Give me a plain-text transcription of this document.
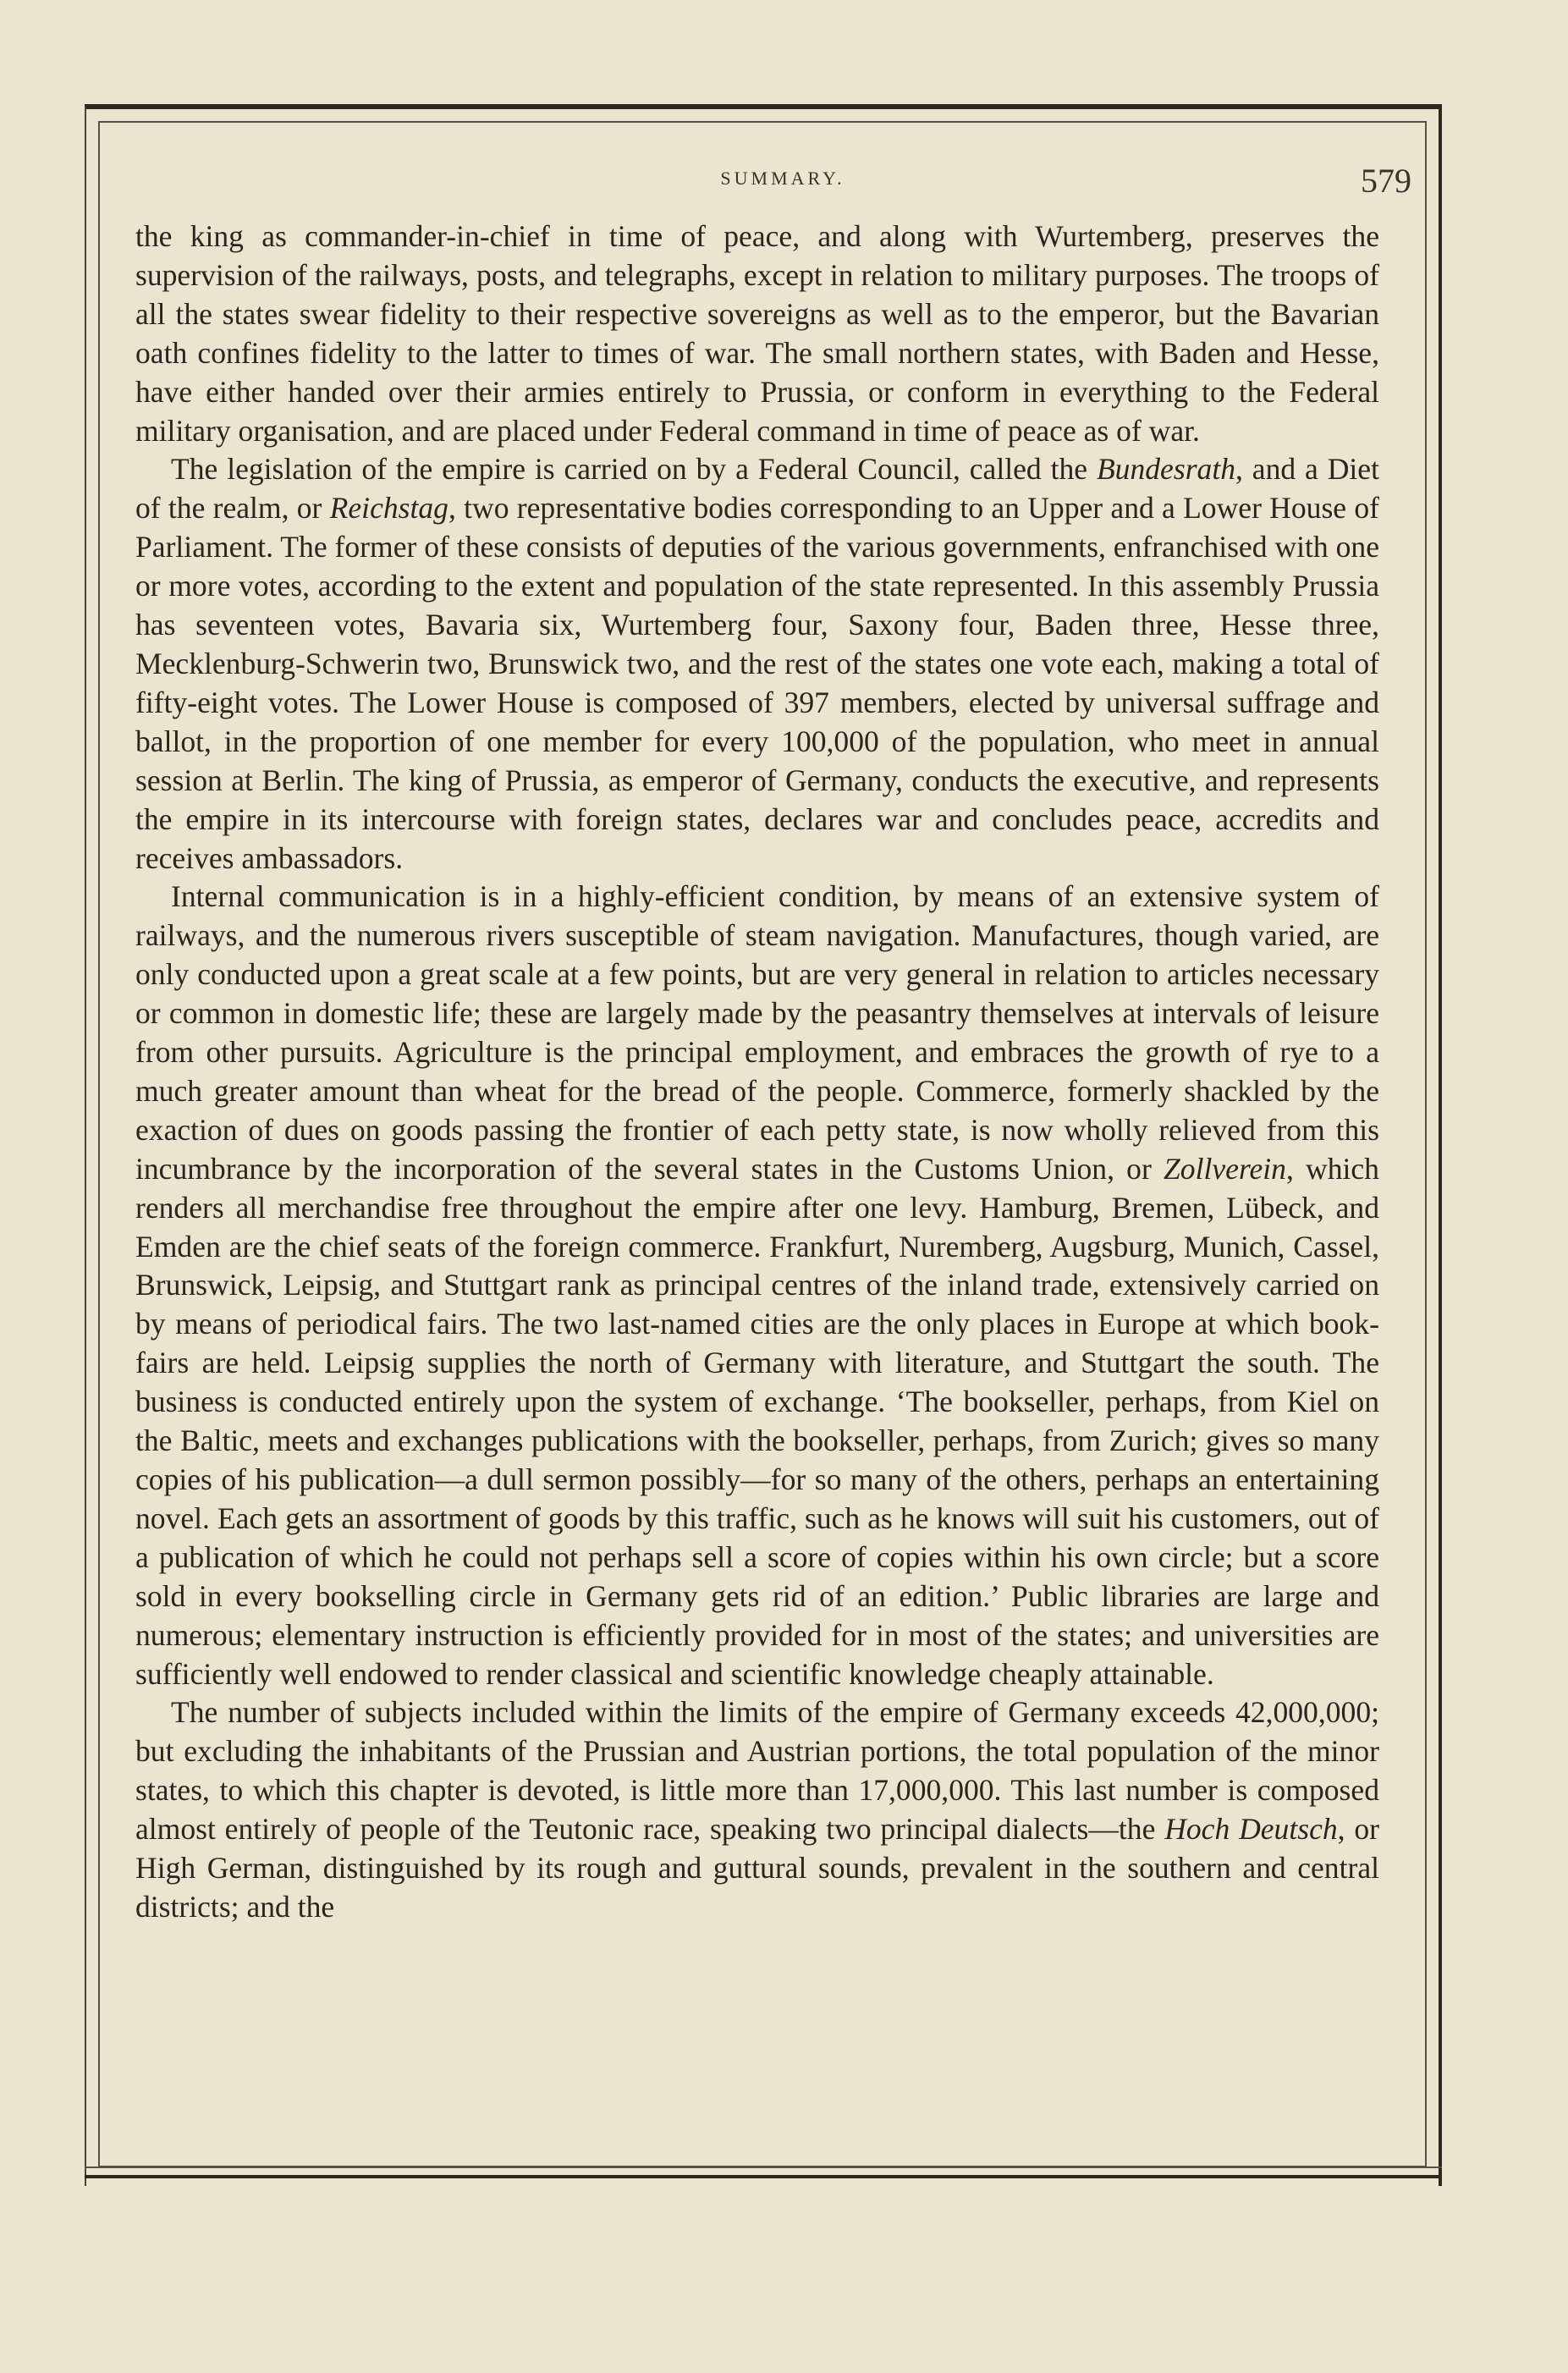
SUMMARY.	579

the king as commander-in-chief in time of peace, and along with Wurtemberg, preserves the supervision of the railways, posts, and telegraphs, except in relation to military purposes. The troops of all the states swear fidelity to their respective sovereigns as well as to the emperor, but the Bavarian oath confines fidelity to the latter to times of war. The small northern states, with Baden and Hesse, have either handed over their armies entirely to Prussia, or conform in everything to the Federal military organisation, and are placed under Federal command in time of peace as of war.

The legislation of the empire is carried on by a Federal Council, called the Bundesrath, and a Diet of the realm, or Reichstag, two representative bodies corresponding to an Upper and a Lower House of Parliament. The former of these consists of deputies of the various governments, enfranchised with one or more votes, according to the extent and population of the state represented. In this assembly Prussia has seventeen votes, Bavaria six, Wurtemberg four, Saxony four, Baden three, Hesse three, Mecklenburg-Schwerin two, Brunswick two, and the rest of the states one vote each, making a total of fifty-eight votes. The Lower House is composed of 397 members, elected by universal suffrage and ballot, in the proportion of one member for every 100,000 of the population, who meet in annual session at Berlin. The king of Prussia, as emperor of Germany, conducts the executive, and represents the empire in its intercourse with foreign states, declares war and concludes peace, accredits and receives ambassadors.

Internal communication is in a highly-efficient condition, by means of an extensive system of railways, and the numerous rivers susceptible of steam navigation. Manufactures, though varied, are only conducted upon a great scale at a few points, but are very general in relation to articles necessary or common in domestic life; these are largely made by the peasantry themselves at intervals of leisure from other pursuits. Agriculture is the principal employment, and embraces the growth of rye to a much greater amount than wheat for the bread of the people. Commerce, formerly shackled by the exaction of dues on goods passing the frontier of each petty state, is now wholly relieved from this incumbrance by the incorporation of the several states in the Customs Union, or Zollverein, which renders all merchandise free throughout the empire after one levy. Hamburg, Bremen, Lübeck, and Emden are the chief seats of the foreign commerce. Frankfurt, Nuremberg, Augsburg, Munich, Cassel, Brunswick, Leipsig, and Stuttgart rank as principal centres of the inland trade, extensively carried on by means of periodical fairs. The two last-named cities are the only places in Europe at which book-fairs are held. Leipsig supplies the north of Germany with literature, and Stuttgart the south. The business is conducted entirely upon the system of exchange. ‘The bookseller, perhaps, from Kiel on the Baltic, meets and exchanges publications with the bookseller, perhaps, from Zurich; gives so many copies of his publication—a dull sermon possibly—for so many of the others, perhaps an entertaining novel. Each gets an assortment of goods by this traffic, such as he knows will suit his customers, out of a publication of which he could not perhaps sell a score of copies within his own circle; but a score sold in every bookselling circle in Germany gets rid of an edition.’ Public libraries are large and numerous; elementary instruction is efficiently provided for in most of the states; and universities are sufficiently well endowed to render classical and scientific knowledge cheaply attainable.

The number of subjects included within the limits of the empire of Germany exceeds 42,000,000; but excluding the inhabitants of the Prussian and Austrian portions, the total population of the minor states, to which this chapter is devoted, is little more than 17,000,000. This last number is composed almost entirely of people of the Teutonic race, speaking two principal dialects—the Hoch Deutsch, or High German, distinguished by its rough and guttural sounds, prevalent in the southern and central districts; and the
